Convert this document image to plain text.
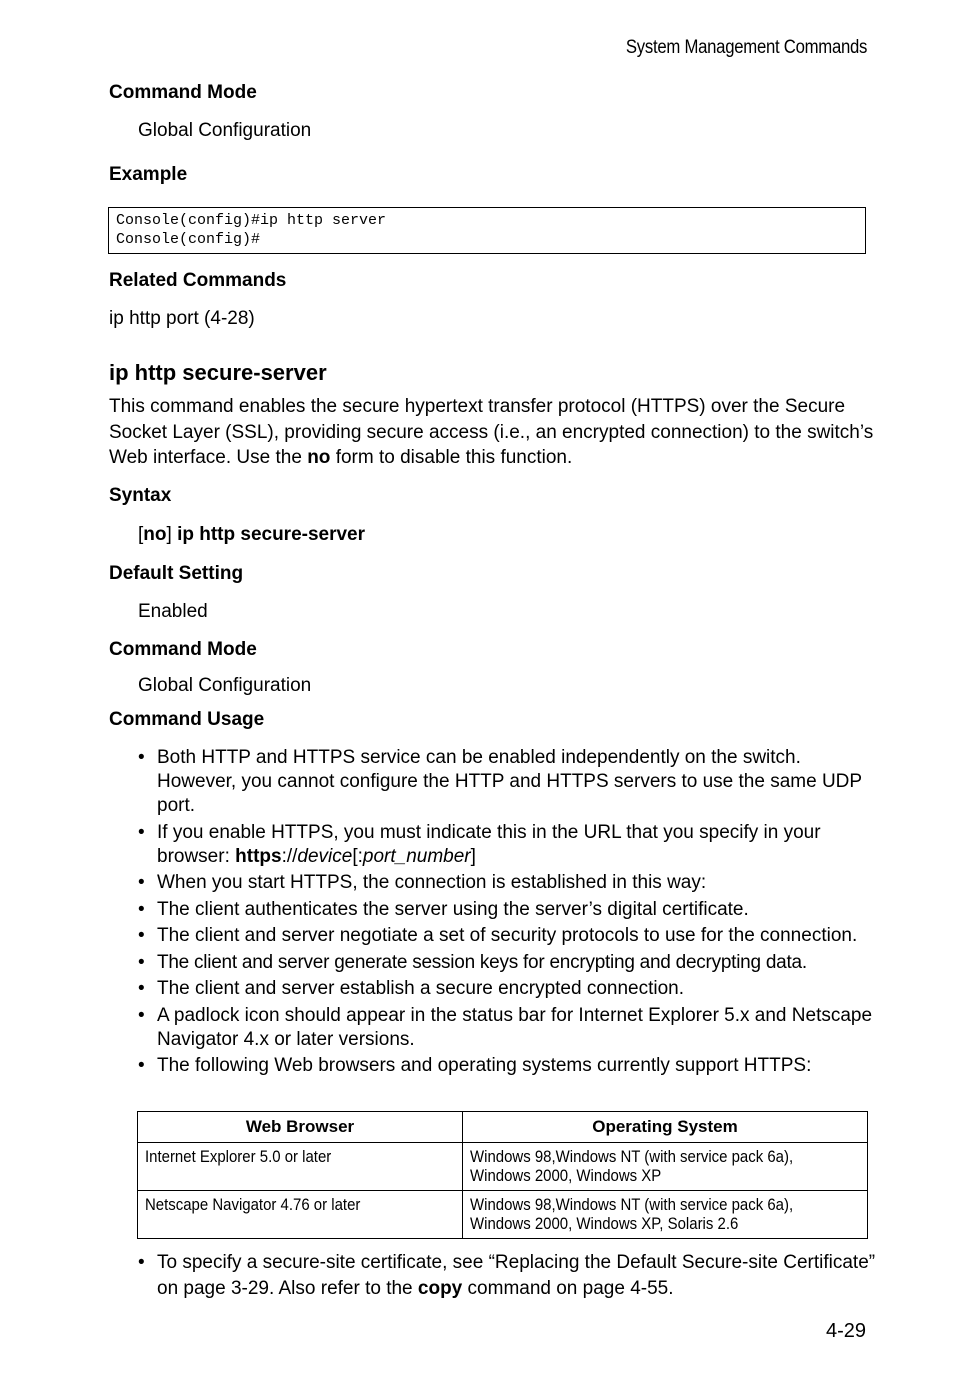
System Management Commands
Command Mode
Global Configuration
Example
Console(config)#ip http server
Console(config)#
Related Commands
ip http port (4-28)
ip http secure-server
This command enables the secure hypertext transfer protocol (HTTPS) over the Secure Socket Layer (SSL), providing secure access (i.e., an encrypted connection) to the switch’s Web interface. Use the no form to disable this function.
Syntax
[no] ip http secure-server
Default Setting
Enabled
Command Mode
Global Configuration
Command Usage
• Both HTTP and HTTPS service can be enabled independently on the switch. However, you cannot configure the HTTP and HTTPS servers to use the same UDP port.
• If you enable HTTPS, you must indicate this in the URL that you specify in your browser: https://device[:port_number]
• When you start HTTPS, the connection is established in this way:
• The client authenticates the server using the server’s digital certificate.
• The client and server negotiate a set of security protocols to use for the connection.
• The client and server generate session keys for encrypting and decrypting data.
• The client and server establish a secure encrypted connection.
• A padlock icon should appear in the status bar for Internet Explorer 5.x and Netscape Navigator 4.x or later versions.
• The following Web browsers and operating systems currently support HTTPS:
Web Browser	Operating System
Internet Explorer 5.0 or later	Windows 98,Windows NT (with service pack 6a),
Windows 2000, Windows XP
Netscape Navigator 4.76 or later	Windows 98,Windows NT (with service pack 6a),
Windows 2000, Windows XP, Solaris 2.6
• To specify a secure-site certificate, see “Replacing the Default Secure-site Certificate” on page 3-29. Also refer to the copy command on page 4-55.
4-29
